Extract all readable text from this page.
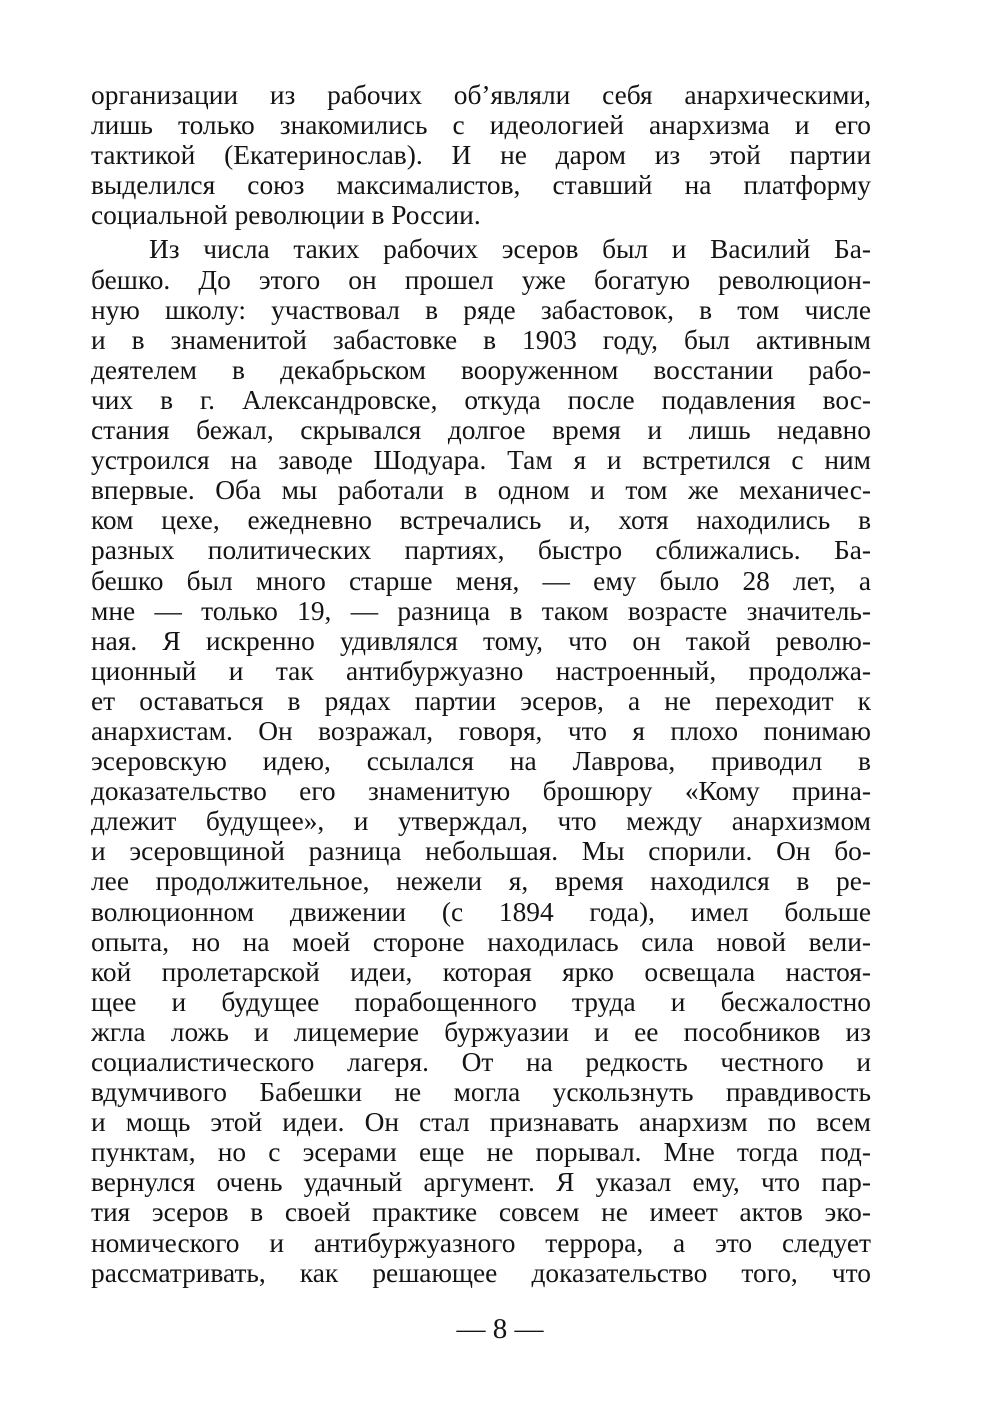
организации из рабочих об’являли себя анархическими,
лишь только знакомились с идеологией анархизма и его
тактикой (Екатеринослав). И не даром из этой партии
выделился союз максималистов, ставший на платформу
социальной революции в России.
Из числа таких рабочих эсеров был и Василий Ба-
бешко. До этого он прошел уже богатую революцион-
ную школу: участвовал в ряде забастовок, в том числе
и в знаменитой забастовке в 1903 году, был активным
деятелем в декабрьском вооруженном восстании рабо-
чих в г. Александровске, откуда после подавления вос-
стания бежал, скрывался долгое время и лишь недавно
устроился на заводе Шодуара. Там я и встретился с ним
впервые. Оба мы работали в одном и том же механичес-
ком цехе, ежедневно встречались и, хотя находились в
разных политических партиях, быстро сближались. Ба-
бешко был много старше меня, — ему было 28 лет, а
мне — только 19, — разница в таком возрасте значитель-
ная. Я искренно удивлялся тому, что он такой револю-
ционный и так антибуржуазно настроенный, продолжа-
ет оставаться в рядах партии эсеров, а не переходит к
анархистам. Он возражал, говоря, что я плохо понимаю
эсеровскую идею, ссылался на Лаврова, приводил в
доказательство его знаменитую брошюру «Кому прина-
длежит будущее», и утверждал, что между анархизмом
и эсеровщиной разница небольшая. Мы спорили. Он бо-
лее продолжительное, нежели я, время находился в ре-
волюционном движении (с 1894 года), имел больше
опыта, но на моей стороне находилась сила новой вели-
кой пролетарской идеи, которая ярко освещала настоя-
щее и будущее порабощенного труда и бесжалостно
жгла ложь и лицемерие буржуазии и ее пособников из
социалистического лагеря. От на редкость честного и
вдумчивого Бабешки не могла ускользнуть правдивость
и мощь этой идеи. Он стал признавать анархизм по всем
пунктам, но с эсерами еще не порывал. Мне тогда под-
вернулся очень удачный аргумент. Я указал ему, что пар-
тия эсеров в своей практике совсем не имеет актов эко-
номического и антибуржуазного террора, а это следует
рассматривать, как решающее доказательство того, что
— 8 —
